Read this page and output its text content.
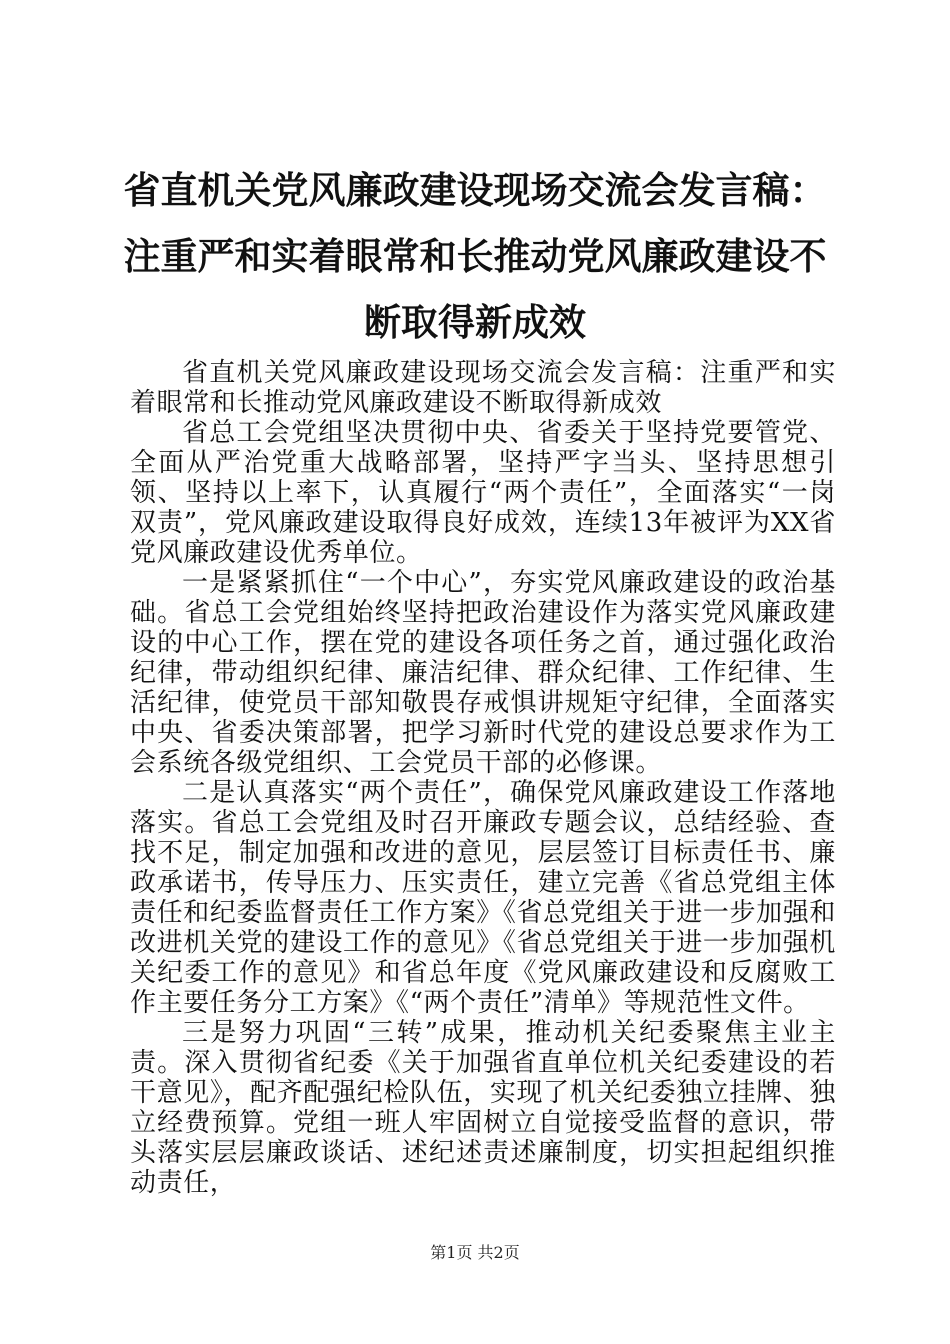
省直机关党风廉政建设现场交流会发言稿：注重严和实着眼常和长推动党风廉政建设不断取得新成效

省直机关党风廉政建设现场交流会发言稿：注重严和实着眼常和长推动党风廉政建设不断取得新成效

省总工会党组坚决贯彻中央、省委关于坚持党要管党、全面从严治党重大战略部署，坚持严字当头、坚持思想引领、坚持以上率下，认真履行“两个责任”，全面落实“一岗双责”，党风廉政建设取得良好成效，连续13年被评为XX省党风廉政建设优秀单位。

一是紧紧抓住“一个中心”，夯实党风廉政建设的政治基础。省总工会党组始终坚持把政治建设作为落实党风廉政建设的中心工作，摆在党的建设各项任务之首，通过强化政治纪律，带动组织纪律、廉洁纪律、群众纪律、工作纪律、生活纪律，使党员干部知敬畏存戒惧讲规矩守纪律，全面落实中央、省委决策部署，把学习新时代党的建设总要求作为工会系统各级党组织、工会党员干部的必修课。

二是认真落实“两个责任”，确保党风廉政建设工作落地落实。省总工会党组及时召开廉政专题会议，总结经验、查找不足，制定加强和改进的意见，层层签订目标责任书、廉政承诺书，传导压力、压实责任，建立完善《省总党组主体责任和纪委监督责任工作方案》《省总党组关于进一步加强和改进机关党的建设工作的意见》《省总党组关于进一步加强机关纪委工作的意见》和省总年度《党风廉政建设和反腐败工作主要任务分工方案》《“两个责任”清单》等规范性文件。

三是努力巩固“三转”成果，推动机关纪委聚焦主业主责。深入贯彻省纪委《关于加强省直单位机关纪委建设的若干意见》，配齐配强纪检队伍，实现了机关纪委独立挂牌、独立经费预算。党组一班人牢固树立自觉接受监督的意识，带头落实层层廉政谈话、述纪述责述廉制度，切实担起组织推动责任，

第1页 共2页
